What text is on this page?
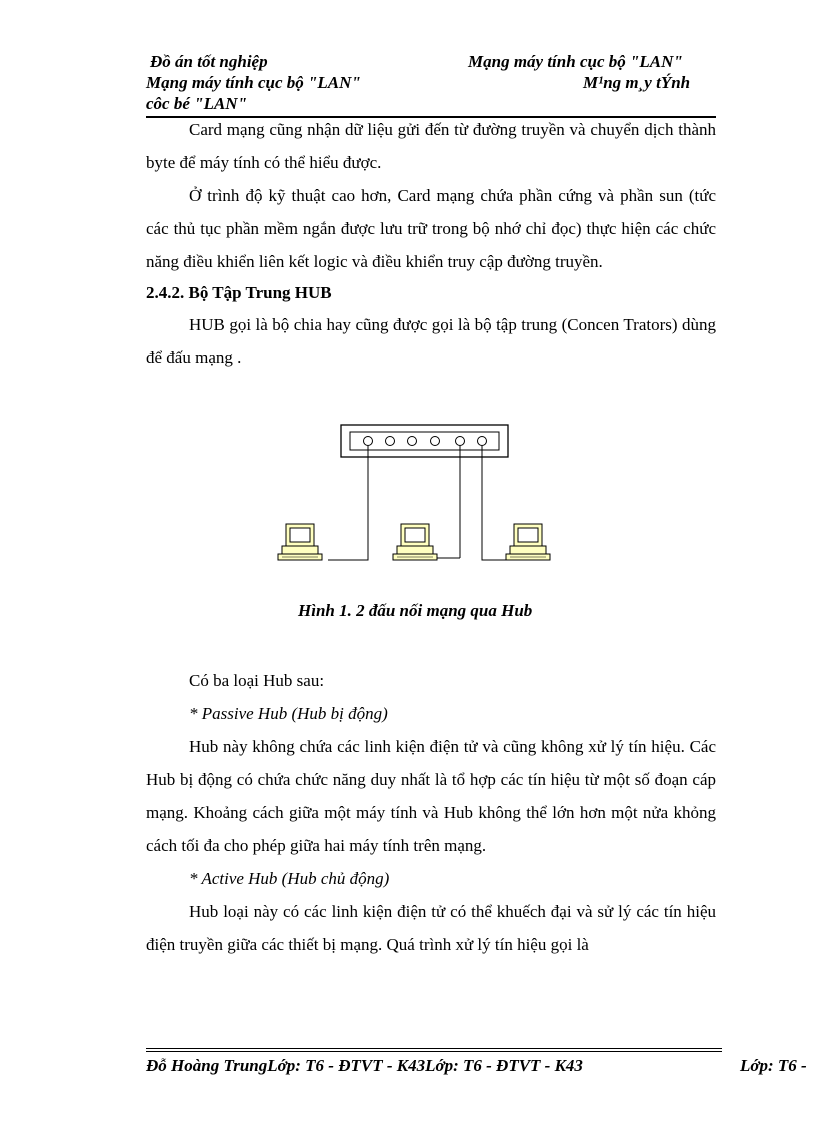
Đồ án tốt nghiệp	Mạng máy tính cục bộ "LAN"
Mạng máy tính cục bộ "LAN"	M¹ng m¸y tÝnh
côc bé "LAN"

Card mạng cũng nhận dữ liệu gửi đến từ đường truyền và chuyển dịch thành byte để máy tính có thể hiểu được.

Ở trình độ kỹ thuật cao hơn, Card mạng chứa phần cứng và phần sun (tức các thủ tục phần mềm ngắn được lưu trữ trong bộ nhớ chỉ đọc) thực hiện các chức năng điều khiển liên kết logic và điều khiển truy cập đường truyền.

2.4.2. Bộ Tập Trung HUB

HUB gọi là bộ chia hay cũng được gọi là bộ tập trung (Concen Trators) dùng để đấu mạng .

Hình 1. 2 đấu nối mạng qua Hub

Có ba loại Hub sau:

* Passive Hub (Hub bị động)

Hub này không chứa các linh kiện điện tử và cũng không xử lý tín hiệu. Các Hub bị động có chứa chức năng duy nhất là tổ hợp các tín hiệu từ một số đoạn cáp mạng. Khoảng cách giữa một máy tính và Hub không thể lớn hơn một nửa khỏng cách tối đa cho phép giữa hai máy tính trên mạng.

* Active Hub (Hub chủ động)

Hub loại này có các linh kiện điện tử có thể khuếch đại và sử lý các tín hiệu điện truyền giữa các thiết bị mạng. Quá trình xử lý tín hiệu gọi là

Đỗ Hoàng TrungLớp: T6 - ĐTVT - K43Lớp: T6 - ĐTVT - K43	Lớp: T6 -
